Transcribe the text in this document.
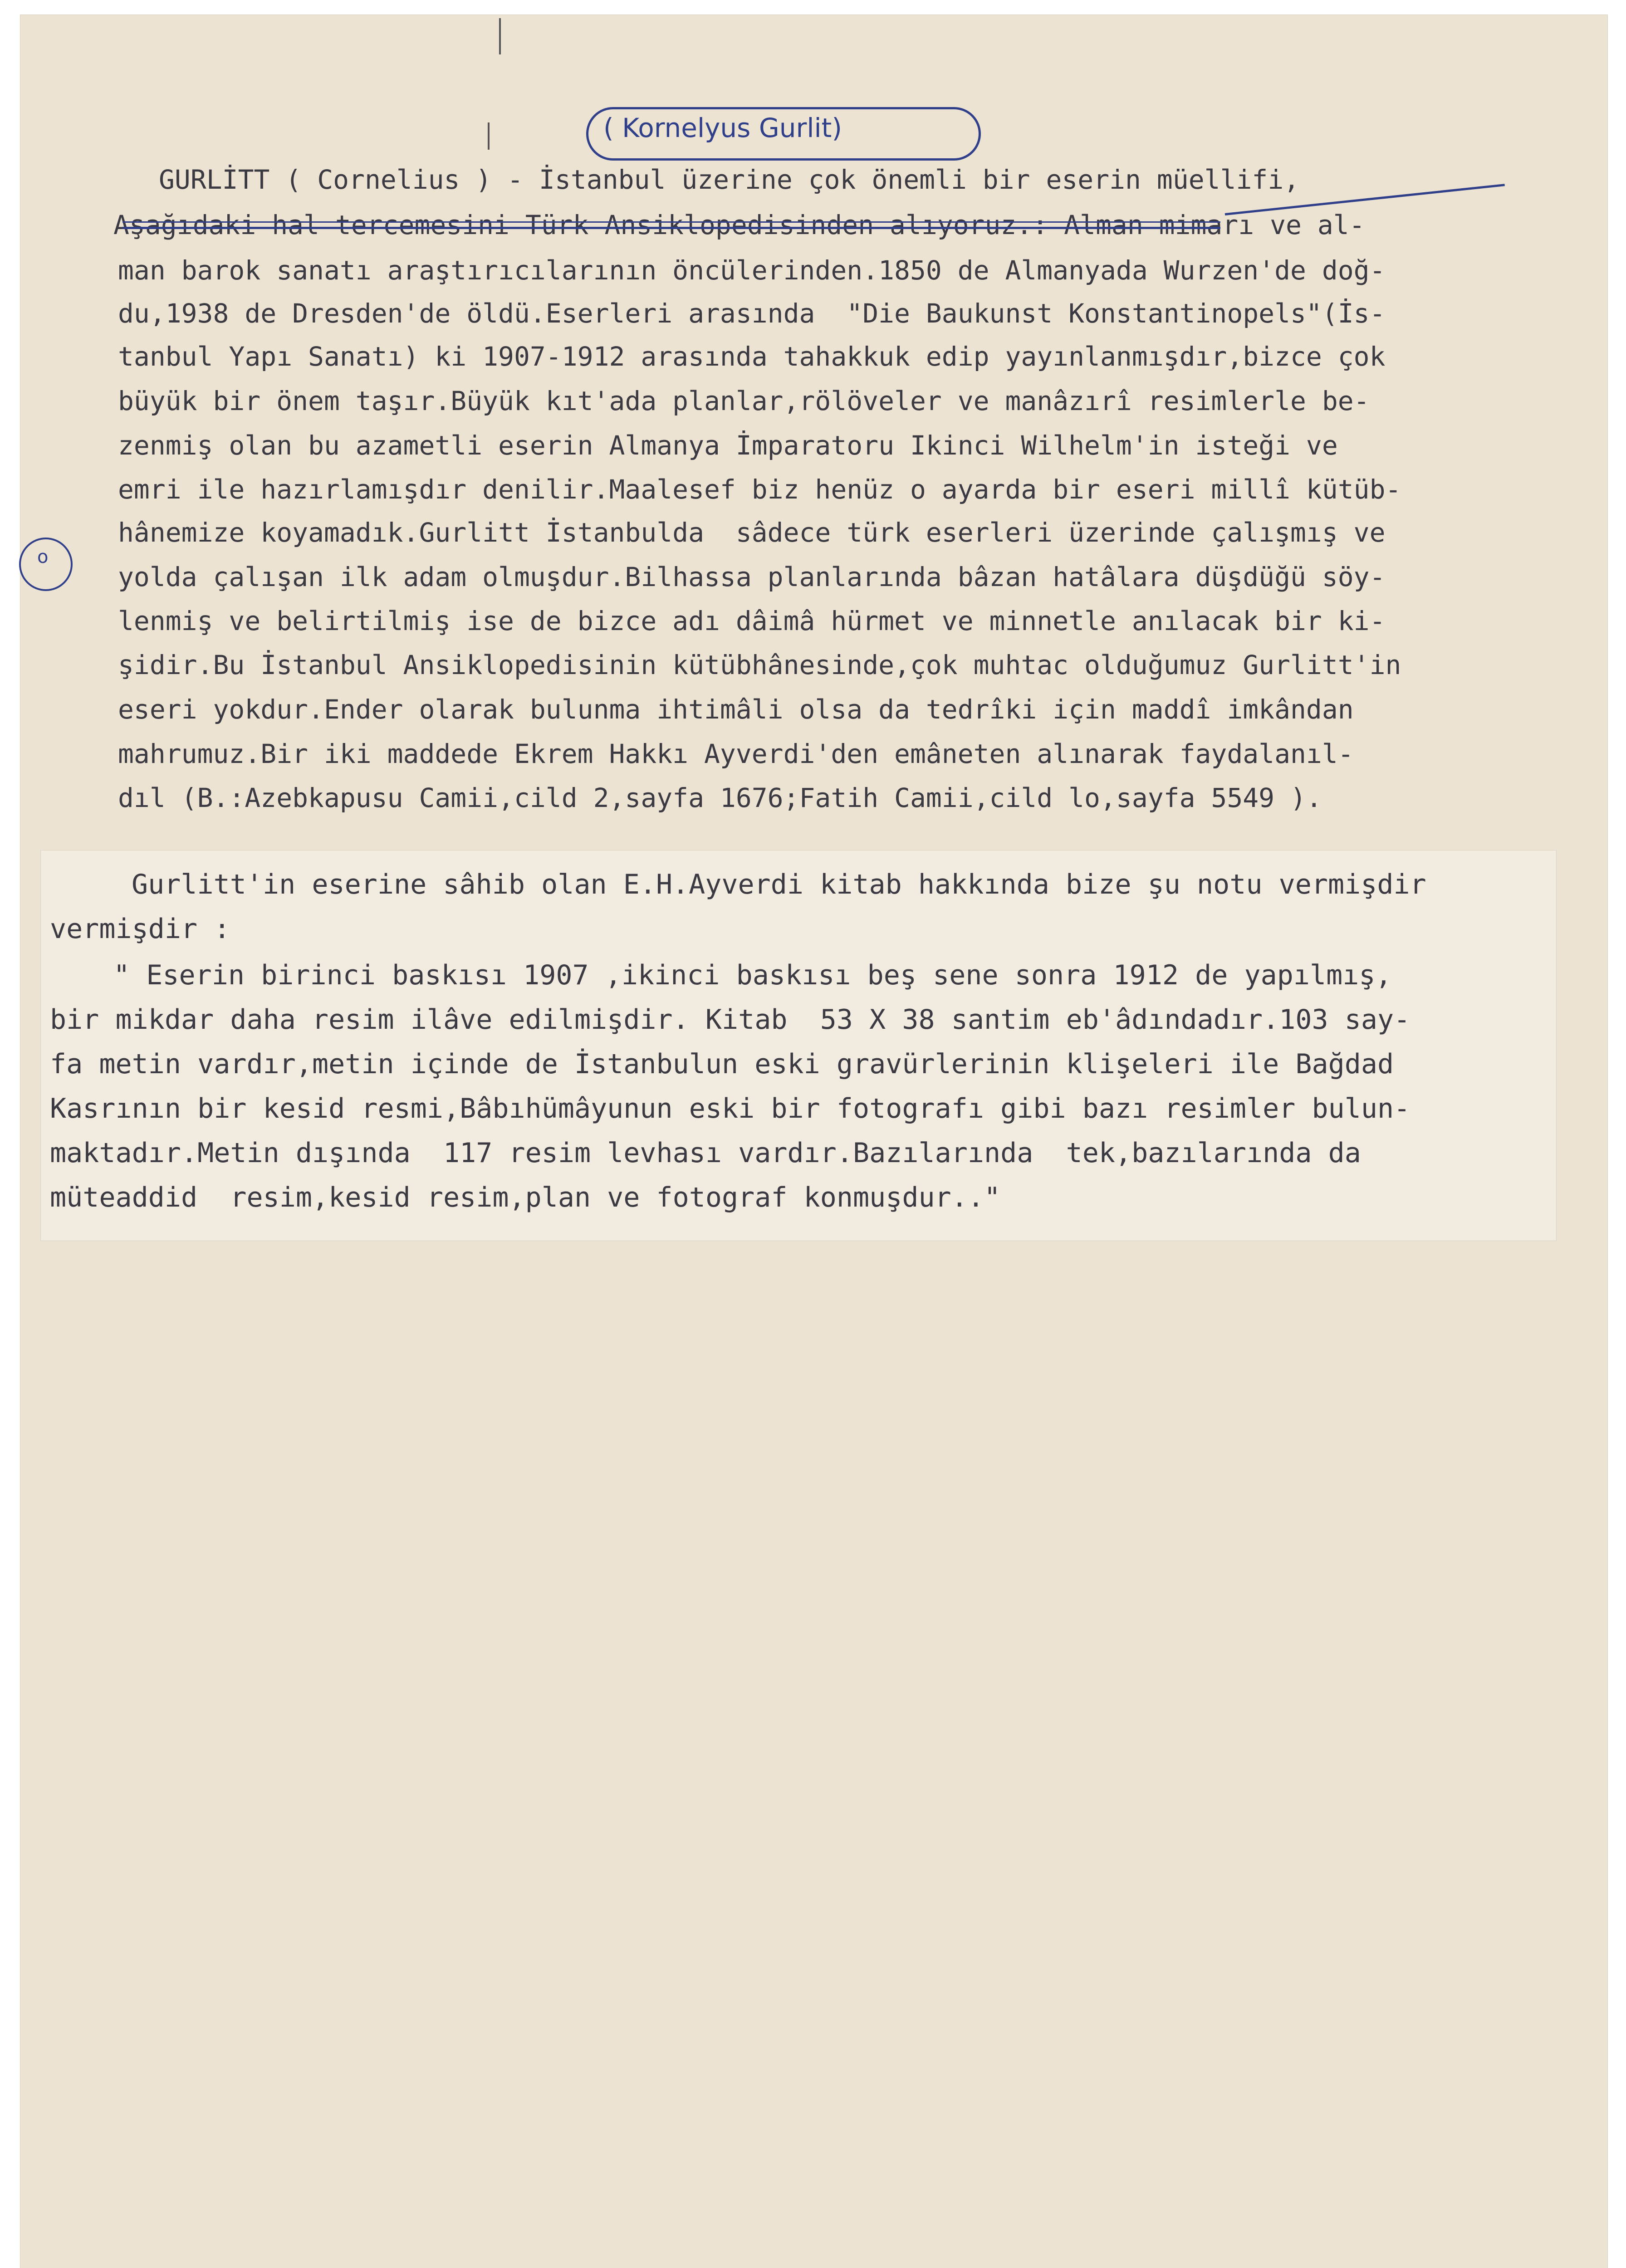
( Kornelyus Gurlit)
o
GURLİTT ( Cornelius ) - İstanbul üzerine çok önemli bir eserin müellifi,
Aşağıdaki hal tercemesini Türk Ansiklopedisinden alıyoruz.: Alman mimarı ve al-
man barok sanatı araştırıcılarının öncülerinden.1850 de Almanyada Wurzen'de doğ-
du,1938 de Dresden'de öldü.Eserleri arasında  "Die Baukunst Konstantinopels"(İs-
tanbul Yapı Sanatı) ki 1907-1912 arasında tahakkuk edip yayınlanmışdır,bizce çok
büyük bir önem taşır.Büyük kıt'ada planlar,rölöveler ve manâzırî resimlerle be-
zenmiş olan bu azametli eserin Almanya İmparatoru Ikinci Wilhelm'in isteği ve
emri ile hazırlamışdır denilir.Maalesef biz henüz o ayarda bir eseri millî kütüb-
hânemize koyamadık.Gurlitt İstanbulda  sâdece türk eserleri üzerinde çalışmış ve
yolda çalışan ilk adam olmuşdur.Bilhassa planlarında bâzan hatâlara düşdüğü söy-
lenmiş ve belirtilmiş ise de bizce adı dâimâ hürmet ve minnetle anılacak bir ki-
şidir.Bu İstanbul Ansiklopedisinin kütübhânesinde,çok muhtac olduğumuz Gurlitt'in
eseri yokdur.Ender olarak bulunma ihtimâli olsa da tedrîki için maddî imkândan
mahrumuz.Bir iki maddede Ekrem Hakkı Ayverdi'den emâneten alınarak faydalanıl-
dıl (B.:Azebkapusu Camii,cild 2,sayfa 1676;Fatih Camii,cild lo,sayfa 5549 ).
Gurlitt'in eserine sâhib olan E.H.Ayverdi kitab hakkında bize şu notu vermişdir
vermişdir :
" Eserin birinci baskısı 1907 ,ikinci baskısı beş sene sonra 1912 de yapılmış,
bir mikdar daha resim ilâve edilmişdir. Kitab  53 X 38 santim eb'âdındadır.103 say-
fa metin vardır,metin içinde de İstanbulun eski gravürlerinin klişeleri ile Bağdad
Kasrının bir kesid resmi,Bâbıhümâyunun eski bir fotografı gibi bazı resimler bulun-
maktadır.Metin dışında  117 resim levhası vardır.Bazılarında  tek,bazılarında da
müteaddid  resim,kesid resim,plan ve fotograf konmuşdur.."
